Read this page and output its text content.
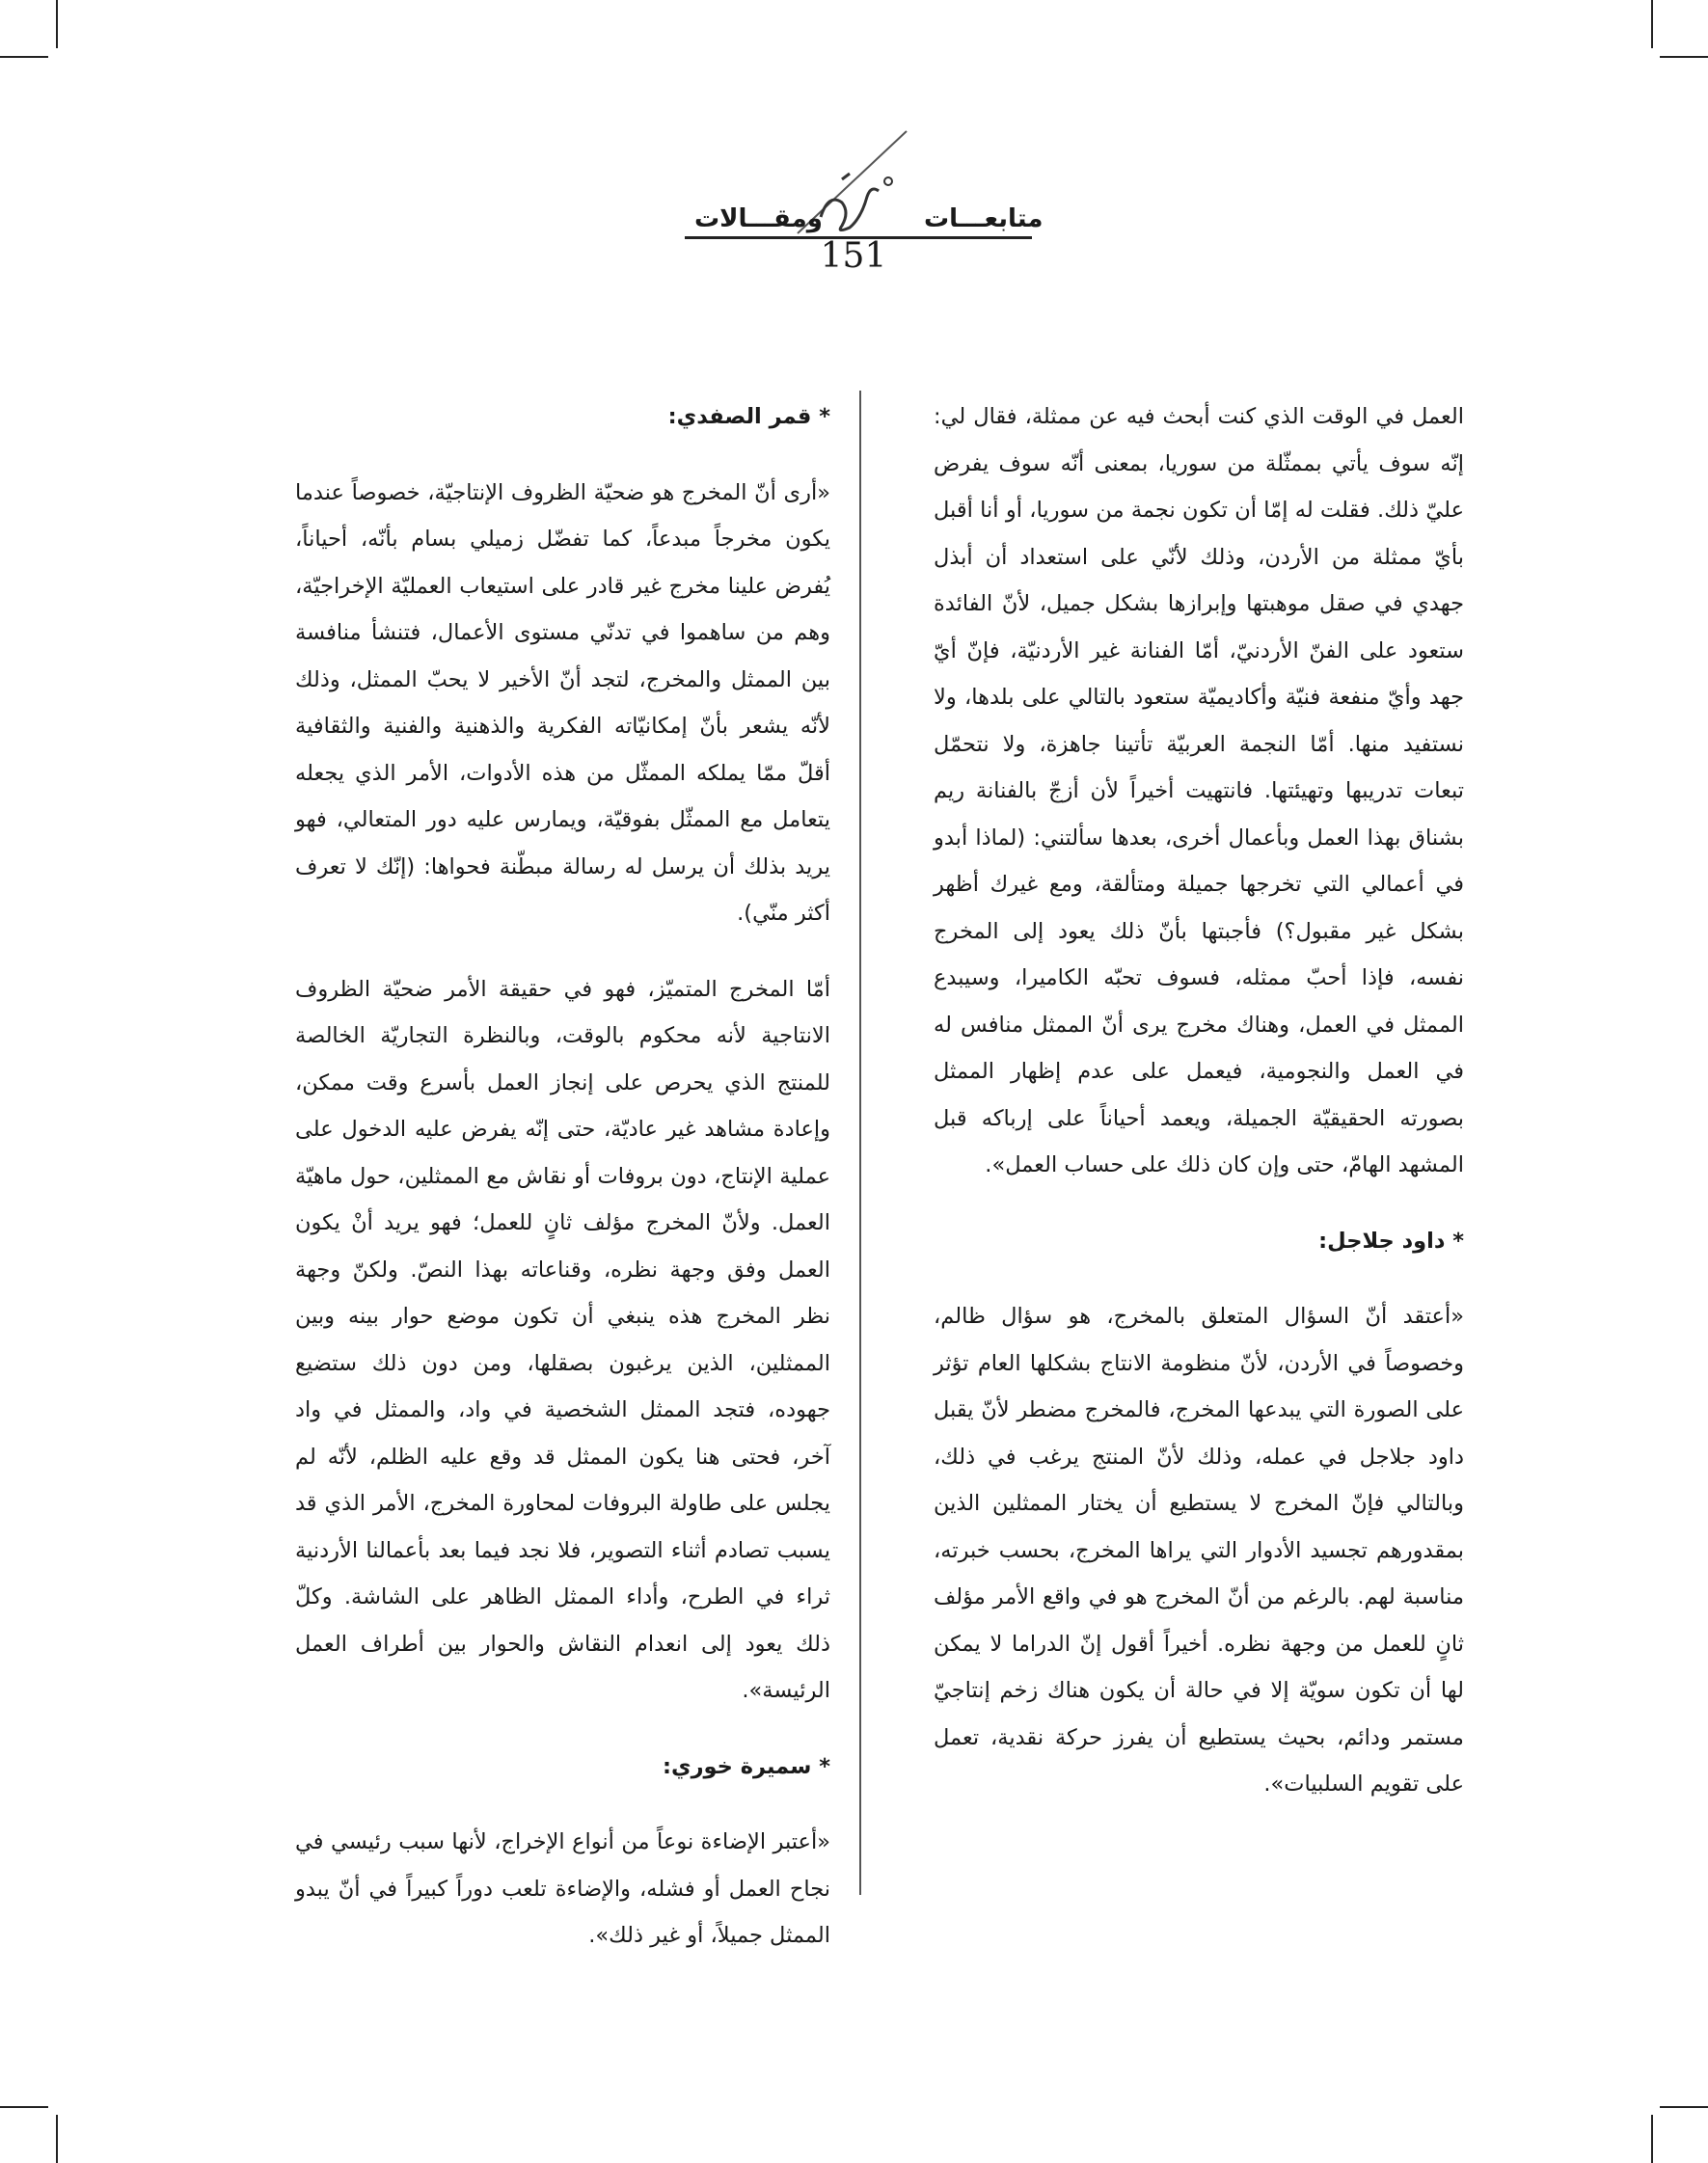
متابعـــات
ومقـــالات
151

العمل في الوقت الذي كنت أبحث فيه عن ممثلة، فقال لي: إنّه سوف يأتي بممثّلة من سوريا، بمعنى أنّه سوف يفرض عليّ ذلك. فقلت له إمّا أن تكون نجمة من سوريا، أو أنا أقبل بأيّ ممثلة من الأردن، وذلك لأنّي على استعداد أن أبذل جهدي في صقل موهبتها وإبرازها بشكل جميل، لأنّ الفائدة ستعود على الفنّ الأردنيّ، أمّا الفنانة غير الأردنيّة، فإنّ أيّ جهد وأيّ منفعة فنيّة وأكاديميّة ستعود بالتالي على بلدها، ولا نستفيد منها. أمّا النجمة العربيّة تأتينا جاهزة، ولا نتحمّل تبعات تدريبها وتهيئتها. فانتهيت أخيراً لأن أزجّ بالفنانة ريم بشناق بهذا العمل وبأعمال أخرى، بعدها سألتني: (لماذا أبدو في أعمالي التي تخرجها جميلة ومتألقة، ومع غيرك أظهر بشكل غير مقبول؟) فأجبتها بأنّ ذلك يعود إلى المخرج نفسه، فإذا أحبّ ممثله، فسوف تحبّه الكاميرا، وسيبدع الممثل في العمل، وهناك مخرج يرى أنّ الممثل منافس له في العمل والنجومية، فيعمل على عدم إظهار الممثل بصورته الحقيقيّة الجميلة، ويعمد أحياناً على إرباكه قبل المشهد الهامّ، حتى وإن كان ذلك على حساب العمل».

* داود جلاجل:

«أعتقد أنّ السؤال المتعلق بالمخرج، هو سؤال ظالم، وخصوصاً في الأردن، لأنّ منظومة الانتاج بشكلها العام تؤثر على الصورة التي يبدعها المخرج، فالمخرج مضطر لأنّ يقبل داود جلاجل في عمله، وذلك لأنّ المنتج يرغب في ذلك، وبالتالي فإنّ المخرج لا يستطيع أن يختار الممثلين الذين بمقدورهم تجسيد الأدوار التي يراها المخرج، بحسب خبرته، مناسبة لهم. بالرغم من أنّ المخرج هو في واقع الأمر مؤلف ثانٍ للعمل من وجهة نظره. أخيراً أقول إنّ الدراما لا يمكن لها أن تكون سويّة إلا في حالة أن يكون هناك زخم إنتاجيّ مستمر ودائم، بحيث يستطيع أن يفرز حركة نقدية، تعمل على تقويم السلبيات».

* قمر الصفدي:

«أرى أنّ المخرج هو ضحيّة الظروف الإنتاجيّة، خصوصاً عندما يكون مخرجاً مبدعاً، كما تفضّل زميلي بسام بأنّه، أحياناً، يُفرض علينا مخرج غير قادر على استيعاب العمليّة الإخراجيّة، وهم من ساهموا في تدنّي مستوى الأعمال، فتنشأ منافسة بين الممثل والمخرج، لتجد أنّ الأخير لا يحبّ الممثل، وذلك لأنّه يشعر بأنّ إمكانيّاته الفكرية والذهنية والفنية والثقافية أقلّ ممّا يملكه الممثّل من هذه الأدوات، الأمر الذي يجعله يتعامل مع الممثّل بفوقيّة، ويمارس عليه دور المتعالي، فهو يريد بذلك أن يرسل له رسالة مبطّنة فحواها: (إنّك لا تعرف أكثر منّي).

أمّا المخرج المتميّز، فهو في حقيقة الأمر ضحيّة الظروف الانتاجية لأنه محكوم بالوقت، وبالنظرة التجاريّة الخالصة للمنتج الذي يحرص على إنجاز العمل بأسرع وقت ممكن، وإعادة مشاهد غير عاديّة، حتى إنّه يفرض عليه الدخول على عملية الإنتاج، دون بروفات أو نقاش مع الممثلين، حول ماهيّة العمل. ولأنّ المخرج مؤلف ثانٍ للعمل؛ فهو يريد أنْ يكون العمل وفق وجهة نظره، وقناعاته بهذا النصّ. ولكنّ وجهة نظر المخرج هذه ينبغي أن تكون موضع حوار بينه وبين الممثلين، الذين يرغبون بصقلها، ومن دون ذلك ستضيع جهوده، فتجد الممثل الشخصية في واد، والممثل في واد آخر، فحتى هنا يكون الممثل قد وقع عليه الظلم، لأنّه لم يجلس على طاولة البروفات لمحاورة المخرج، الأمر الذي قد يسبب تصادم أثناء التصوير، فلا نجد فيما بعد بأعمالنا الأردنية ثراء في الطرح، وأداء الممثل الظاهر على الشاشة. وكلّ ذلك يعود إلى انعدام النقاش والحوار بين أطراف العمل الرئيسة».

* سميرة خوري:

«أعتبر الإضاءة نوعاً من أنواع الإخراج، لأنها سبب رئيسي في نجاح العمل أو فشله، والإضاءة تلعب دوراً كبيراً في أنّ يبدو الممثل جميلاً، أو غير ذلك».
